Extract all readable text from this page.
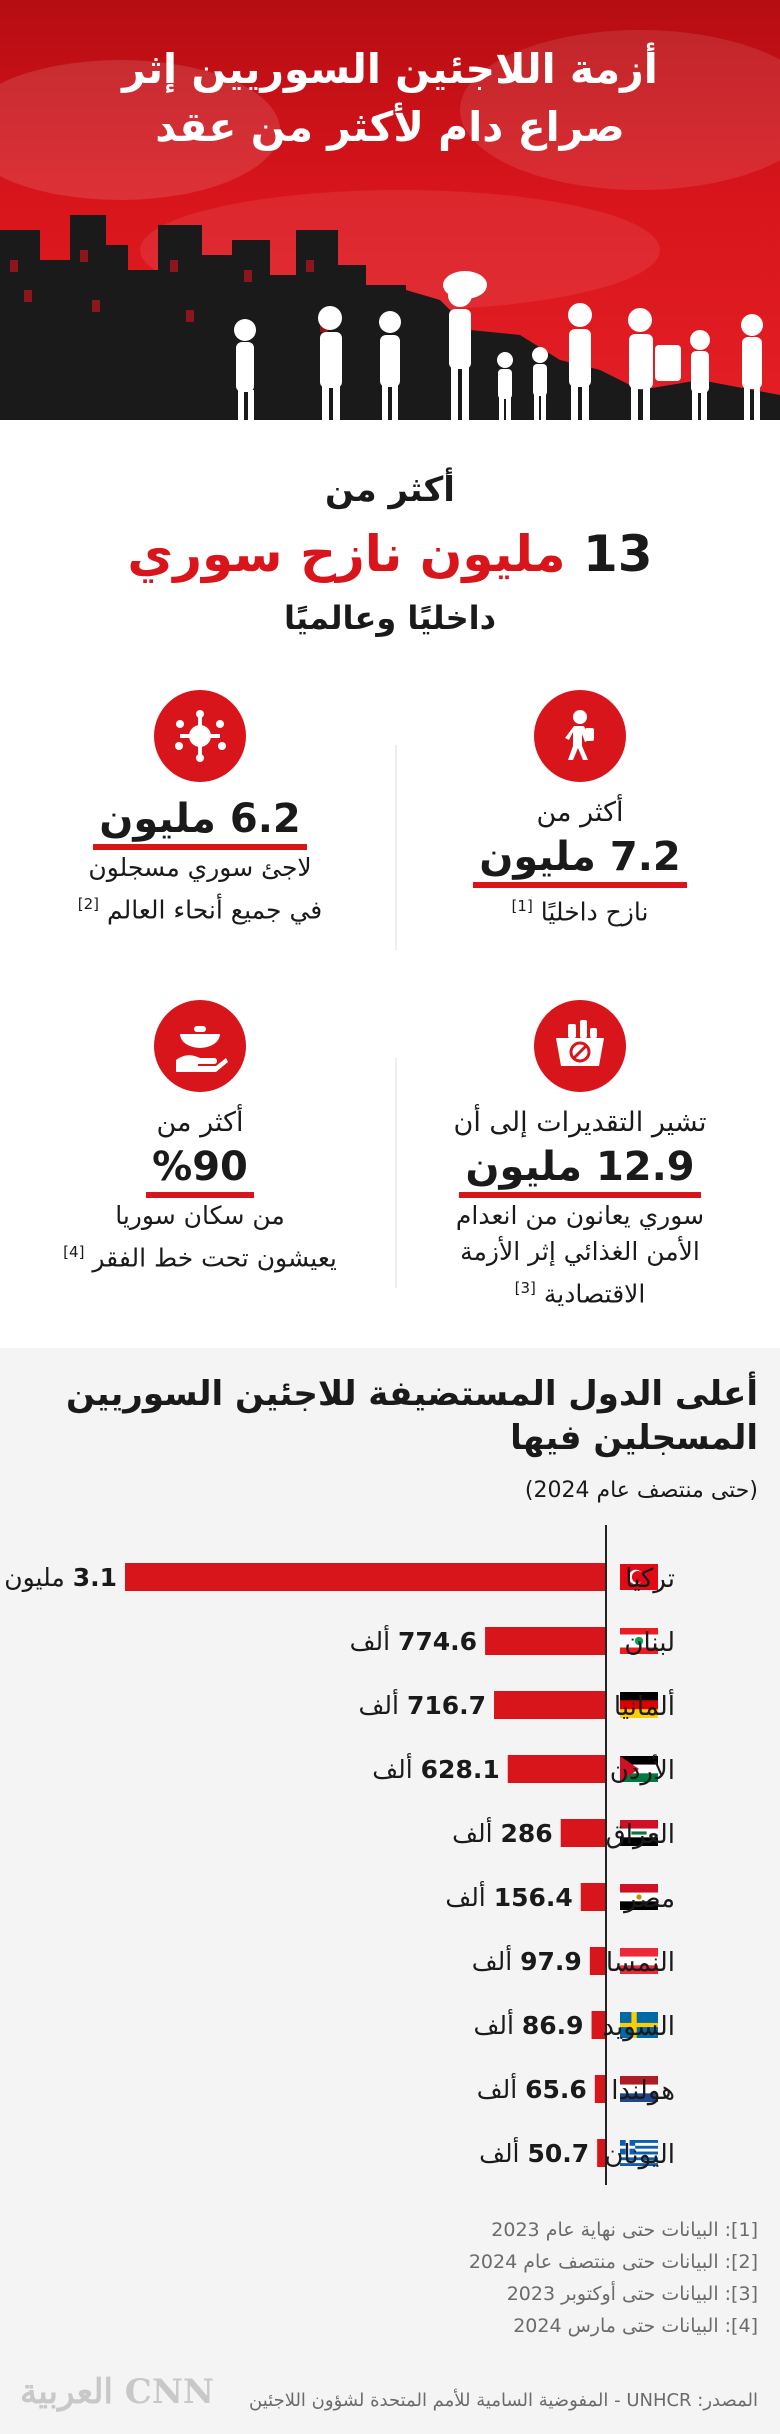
أزمة اللاجئين السوريين إثر
صراع دام لأكثر من عقد
أكثر من
13 مليون نازح سوري
داخليًا وعالميًا
أكثر من
7.2 مليون
نازح داخليًا [1]
6.2 مليون
لاجئ سوري مسجلون
في جميع أنحاء العالم [2]
تشير التقديرات إلى أن
12.9 مليون
سوري يعانون من انعدام
الأمن الغذائي إثر الأزمة
الاقتصادية [3]
أكثر من
%90
من سكان سوريا
يعيشون تحت خط الفقر [4]
أعلى الدول المستضيفة للاجئين السوريين
المسجلين فيها
(حتى منتصف عام 2024)
تركيا
3.1 مليون
لبنان
774.6 ألف
ألمانيا
716.7 ألف
الأردن
628.1 ألف
العراق
286 ألف
مصر
156.4 ألف
النمسا
97.9 ألف
السويد
86.9 ألف
هولندا
65.6 ألف
اليونان
50.7 ألف
[1]: البيانات حتى نهاية عام 2023
[2]: البيانات حتى منتصف عام 2024
[3]: البيانات حتى أوكتوبر 2023
[4]: البيانات حتى مارس 2024
المصدر: UNHCR - المفوضية السامية للأمم المتحدة لشؤون اللاجئين
CNN العربية
